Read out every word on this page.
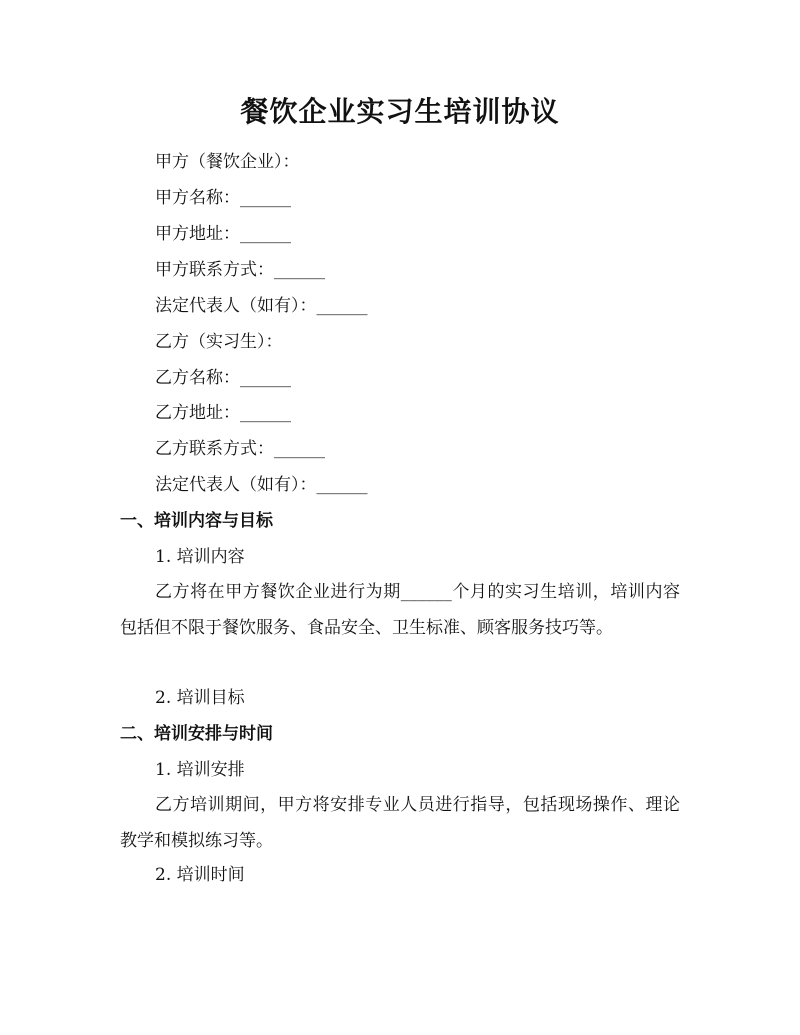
餐饮企业实习生培训协议
甲方（餐饮企业）：
甲方名称：______
甲方地址：______
甲方联系方式：______
法定代表人（如有）：______
乙方（实习生）：
乙方名称：______
乙方地址：______
乙方联系方式：______
法定代表人（如有）：______
一、培训内容与目标
1. 培训内容
乙方将在甲方餐饮企业进行为期______个月的实习生培训，培训内容包括但不限于餐饮服务、食品安全、卫生标准、顾客服务技巧等。
2. 培训目标
二、培训安排与时间
1. 培训安排
乙方培训期间，甲方将安排专业人员进行指导，包括现场操作、理论教学和模拟练习等。
2. 培训时间
